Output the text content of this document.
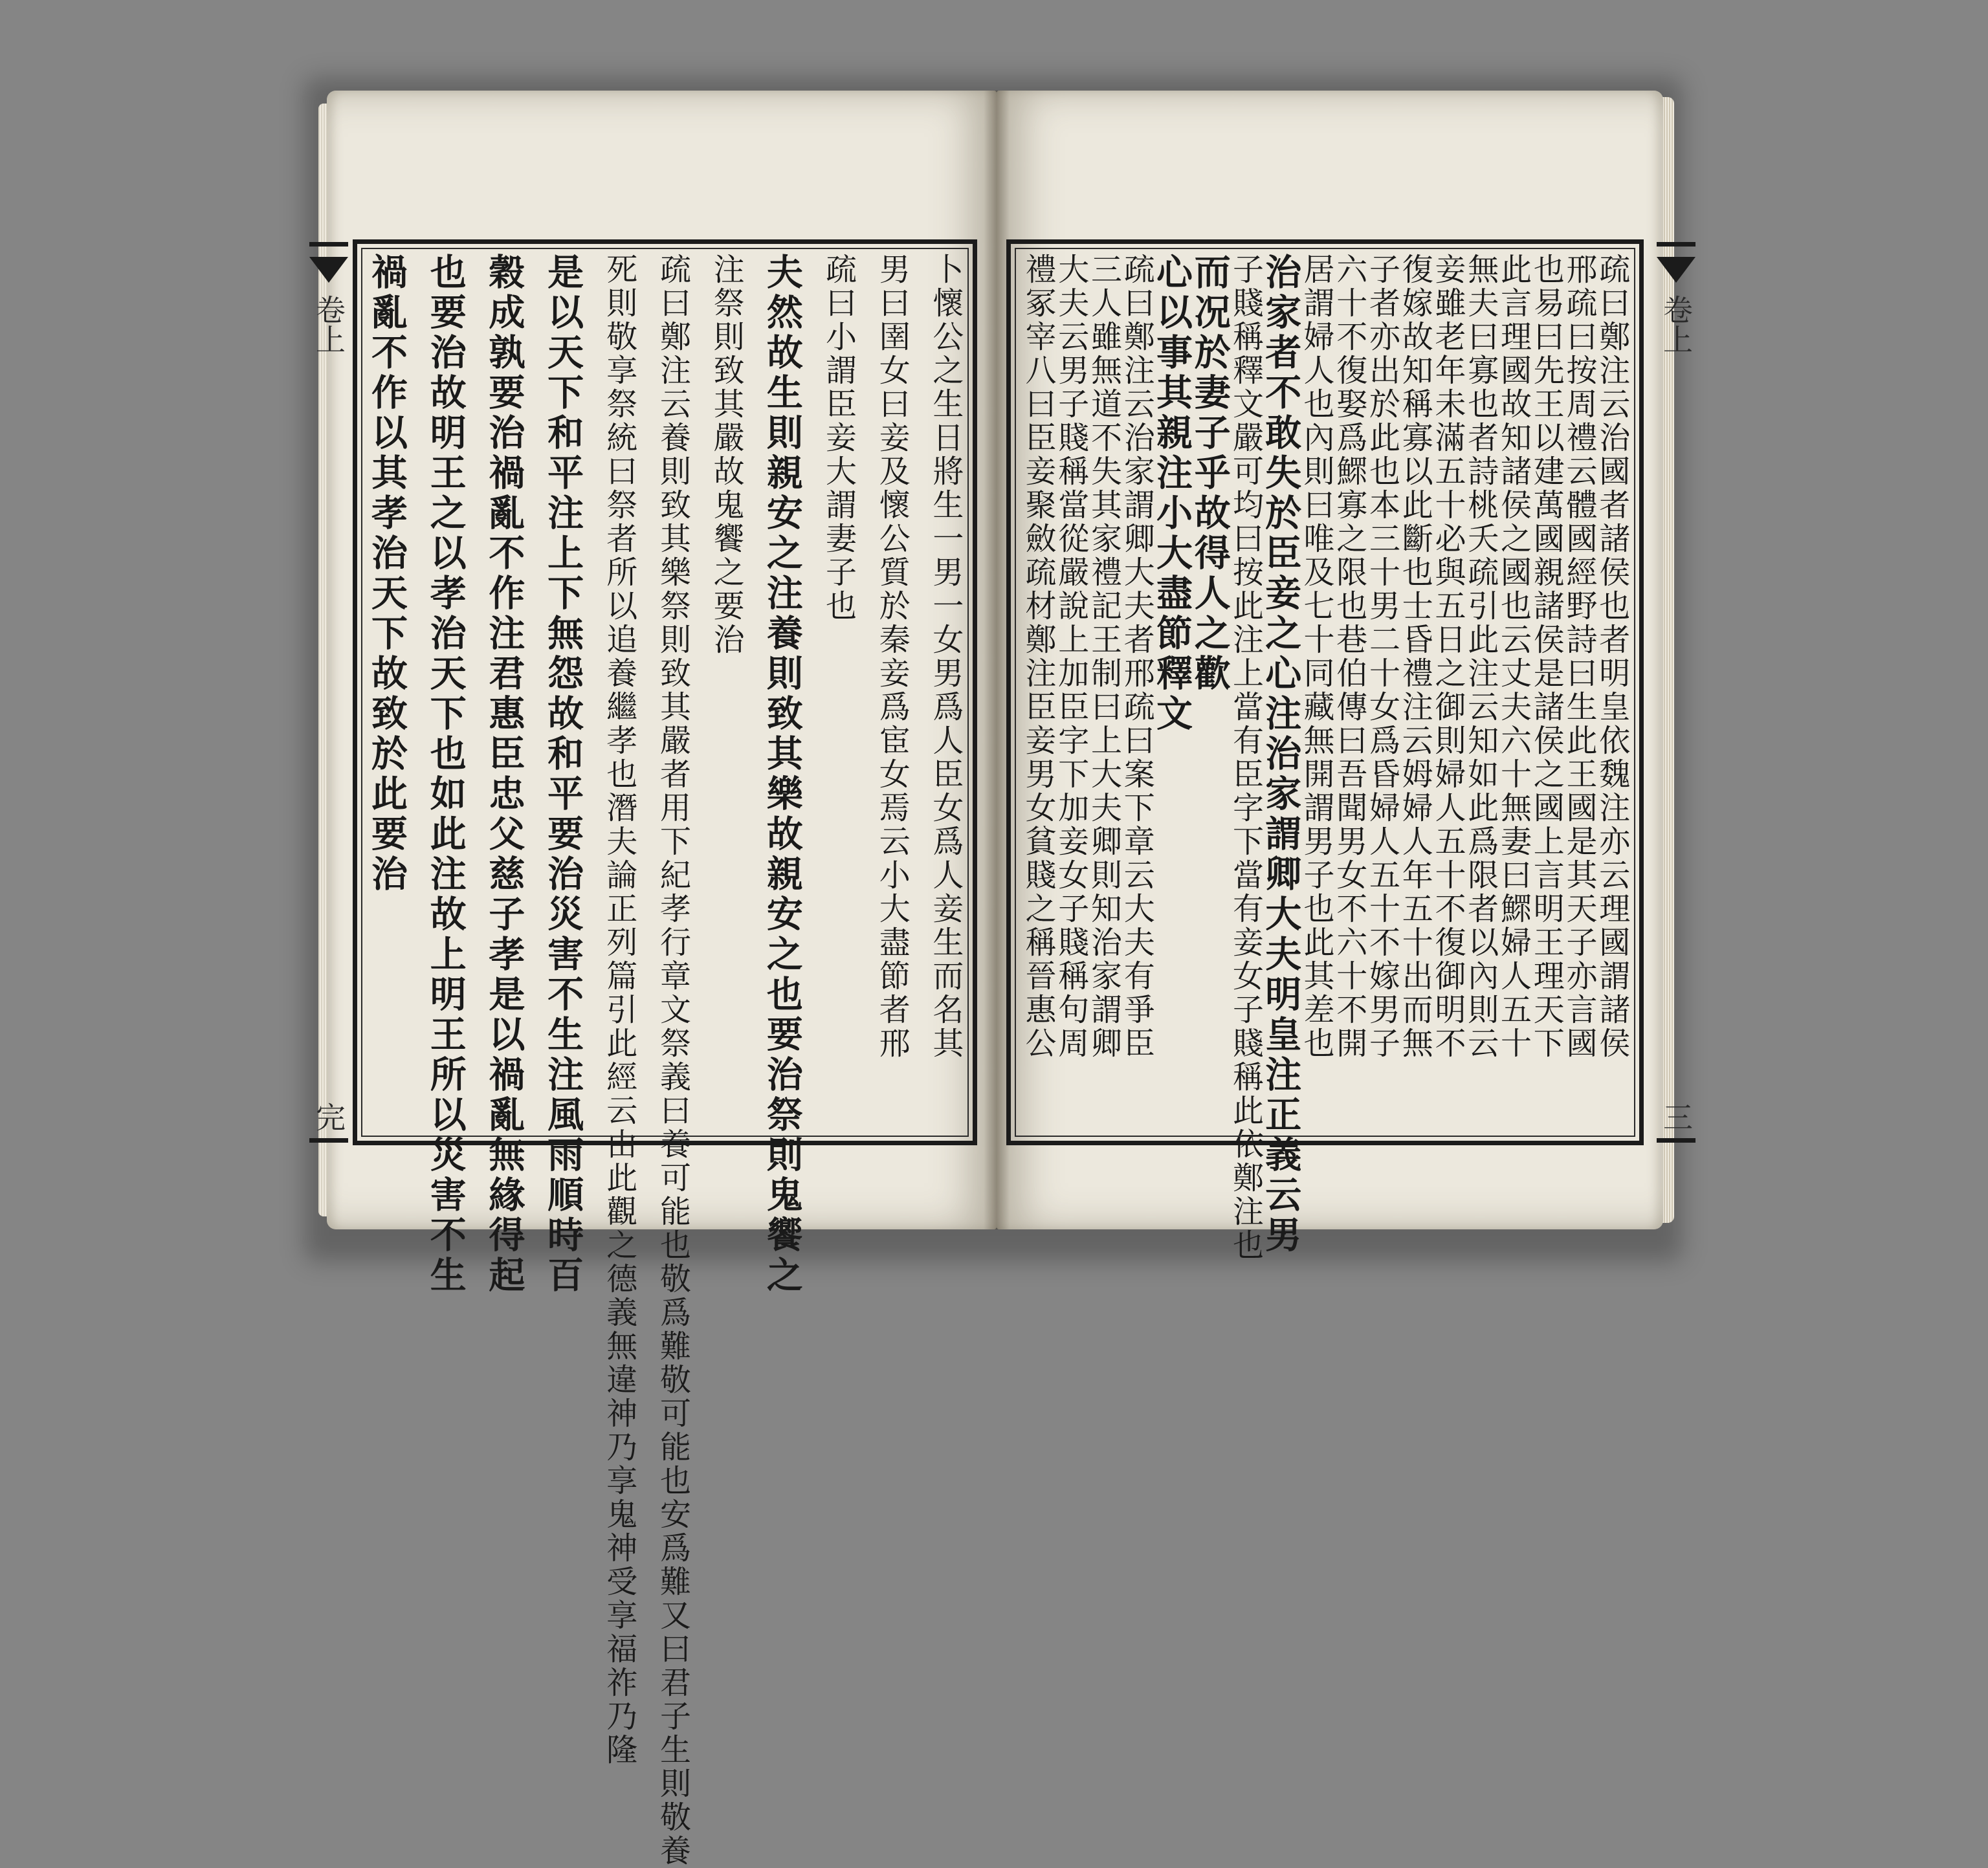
卷上
完
卷上
三
卜懷公之生日將生一男一女男爲人臣女爲人妾生而名其
男曰圉女曰妾及懷公質於秦妾爲宦女焉云小大盡節者邢
疏曰小謂臣妾大謂妻子也
夫然故生則親安之注養則致其樂故親安之也要治祭則鬼饗之
注祭則致其嚴故鬼饗之要治
疏曰鄭注云養則致其樂祭則致其嚴者用下紀孝行章文祭義曰養可能也敬爲難敬可能也安爲難又曰君子生則敬養
死則敬享祭統曰祭者所以追養繼孝也潛夫論正列篇引此經云由此觀之德義無違神乃享鬼神受享福祚乃隆
是以天下和平注上下無怨故和平要治災害不生注風雨順時百
穀成孰要治禍亂不作注君惠臣忠父慈子孝是以禍亂無緣得起
也要治故明王之以孝治天下也如此注故上明王所以災害不生
禍亂不作以其孝治天下故致於此要治	疏曰鄭注云治國者諸侯也者明皇依魏注亦云理國謂諸侯
邢疏曰按周禮云體國經野詩曰生此王國是其天子亦言國
也易曰先王以建萬國親諸侯是諸侯之國上言明王理天下
此言理國故知諸侯之國也云丈夫六十無妻曰鰥婦人五十
無夫曰寡也者詩桃夭疏引此注云知如此爲限者以內則云
妾雖老年未滿五十必與五日之御則婦人五十不復御明不
復嫁故知稱寡以此斷也士昏禮注云姆婦人年五十出而無
子者亦出於此也本三十男二十女爲昏婦人五十不嫁男子
六十不復娶爲鰥寡之限也巷伯傳曰吾聞男女不六十不開
居謂婦人也內則曰唯及七十同藏無開謂男子也此其差也
治家者不敢失於臣妾之心注治家謂卿大夫明皇注正義云男
子賤稱釋文嚴可均曰按此注上當有臣字下當有妾女子賤稱此依鄭注也
而况於妻子乎故得人之歡
心以事其親注小大盡節釋文
疏曰鄭注云治家謂卿大夫者邢疏曰案下章云大夫有爭臣
三人雖無道不失其家禮記王制曰上大夫卿則知治家謂卿
大夫云男子賤稱當從嚴說上加臣字下加妾女子賤稱句周
禮冢宰八曰臣妾聚斂疏材鄭注臣妾男女貧賤之稱晉惠公
